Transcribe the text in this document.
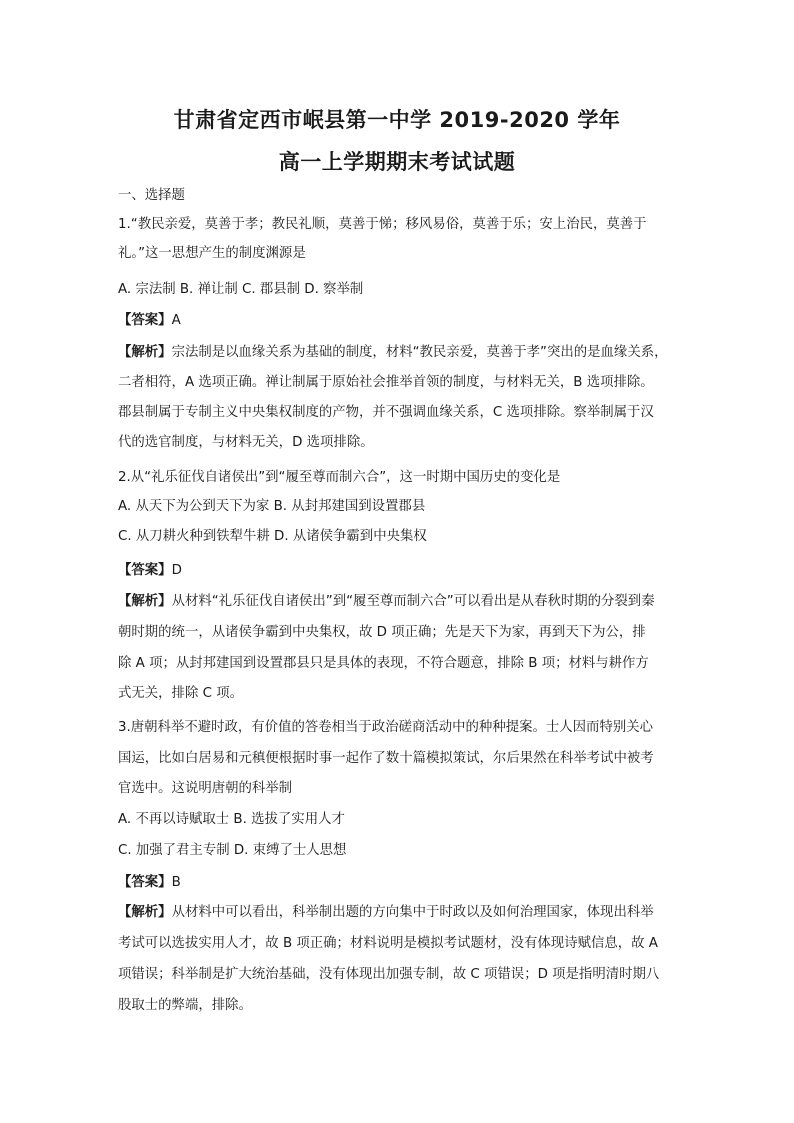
甘肃省定西市岷县第一中学 2019-2020 学年
高一上学期期末考试试题
一、选择题
1.“教民亲爱，莫善于孝；教民礼顺，莫善于悌；移风易俗，莫善于乐；安上治民，莫善于
礼。”这一思想产生的制度渊源是
A. 宗法制 B. 禅让制 C. 郡县制 D. 察举制
【答案】A
【解析】宗法制是以血缘关系为基础的制度，材料“教民亲爱，莫善于孝”突出的是血缘关系，
二者相符，A 选项正确。禅让制属于原始社会推举首领的制度，与材料无关，B 选项排除。
郡县制属于专制主义中央集权制度的产物，并不强调血缘关系，C 选项排除。察举制属于汉
代的选官制度，与材料无关，D 选项排除。
2.从“礼乐征伐自诸侯出”到“履至尊而制六合”，这一时期中国历史的变化是
A. 从天下为公到天下为家 B. 从封邦建国到设置郡县
C. 从刀耕火种到铁犁牛耕 D. 从诸侯争霸到中央集权
【答案】D
【解析】从材料“礼乐征伐自诸侯出”到“履至尊而制六合”可以看出是从春秋时期的分裂到秦
朝时期的统一，从诸侯争霸到中央集权，故 D 项正确；先是天下为家，再到天下为公，排
除 A 项；从封邦建国到设置郡县只是具体的表现，不符合题意，排除 B 项；材料与耕作方
式无关，排除 C 项。
3.唐朝科举不避时政，有价值的答卷相当于政治磋商活动中的种种提案。士人因而特别关心
国运，比如白居易和元稹便根据时事一起作了数十篇模拟策试，尔后果然在科举考试中被考
官选中。这说明唐朝的科举制
A. 不再以诗赋取士 B. 选拔了实用人才
C. 加强了君主专制 D. 束缚了士人思想
【答案】B
【解析】从材料中可以看出，科举制出题的方向集中于时政以及如何治理国家，体现出科举
考试可以选拔实用人才，故 B 项正确；材料说明是模拟考试题材，没有体现诗赋信息，故 A
项错误；科举制是扩大统治基础，没有体现出加强专制，故 C 项错误；D 项是指明清时期八
股取士的弊端，排除。
